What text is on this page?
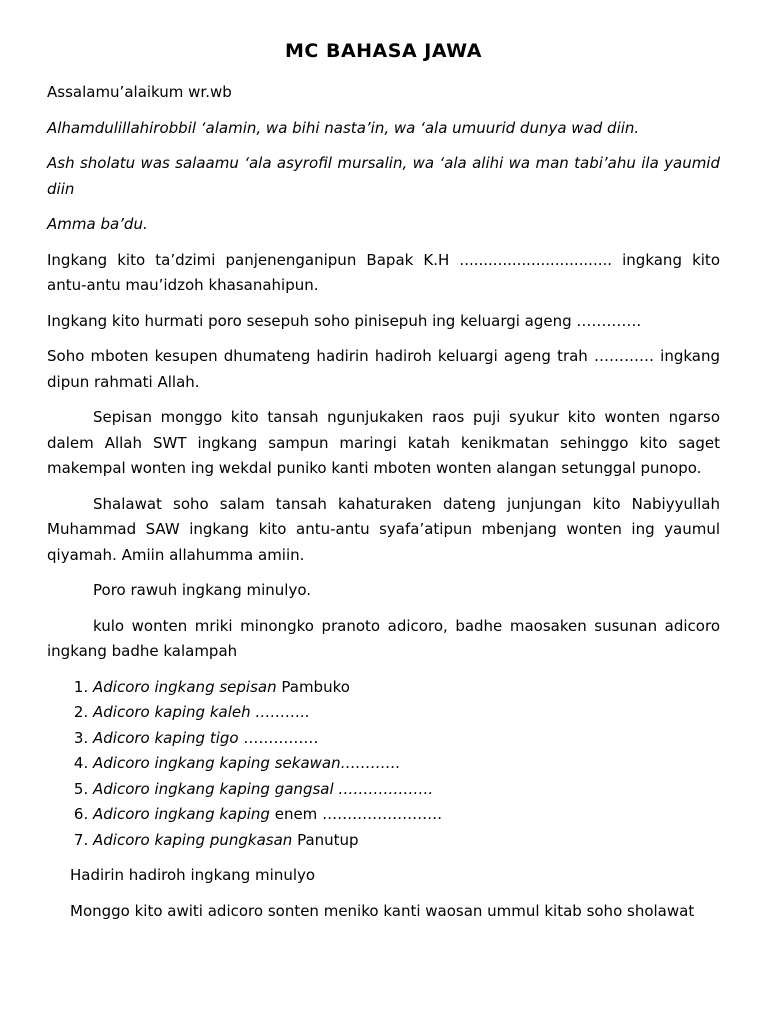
MC BAHASA JAWA

Assalamu’alaikum wr.wb

Alhamdulillahirobbil ‘alamin, wa bihi nasta’in, wa ‘ala umuurid dunya wad diin.

Ash sholatu was salaamu ‘ala asyrofil mursalin, wa ‘ala alihi wa man tabi’ahu ila yaumid diin

Amma ba’du.

Ingkang kito ta’dzimi panjenenganipun Bapak K.H ................................ ingkang kito antu-antu mau’idzoh khasanahipun.

Ingkang kito hurmati poro sesepuh soho pinisepuh ing keluargi ageng ………….

Soho mboten kesupen dhumateng hadirin hadiroh keluargi ageng trah ………… ingkang dipun rahmati Allah.

Sepisan monggo kito tansah ngunjukaken raos puji syukur kito wonten ngarso dalem Allah SWT ingkang sampun maringi katah kenikmatan sehinggo kito saget makempal wonten ing wekdal puniko kanti mboten wonten alangan setunggal punopo.

Shalawat soho salam tansah kahaturaken dateng junjungan kito Nabiyyullah Muhammad SAW ingkang kito antu-antu syafa’atipun mbenjang wonten ing yaumul qiyamah. Amiin allahumma amiin.

Poro rawuh ingkang minulyo.

kulo wonten mriki minongko pranoto adicoro, badhe maosaken susunan adicoro ingkang badhe kalampah

1. Adicoro ingkang sepisan Pambuko
2. Adicoro kaping kaleh ………..
3. Adicoro kaping tigo ……………
4. Adicoro ingkang kaping sekawan…………
5. Adicoro ingkang kaping gangsal ……………….
6. Adicoro ingkang kaping enem ……………………
7. Adicoro kaping pungkasan Panutup

Hadirin hadiroh ingkang minulyo

Monggo kito awiti adicoro sonten meniko kanti waosan ummul kitab soho sholawat
